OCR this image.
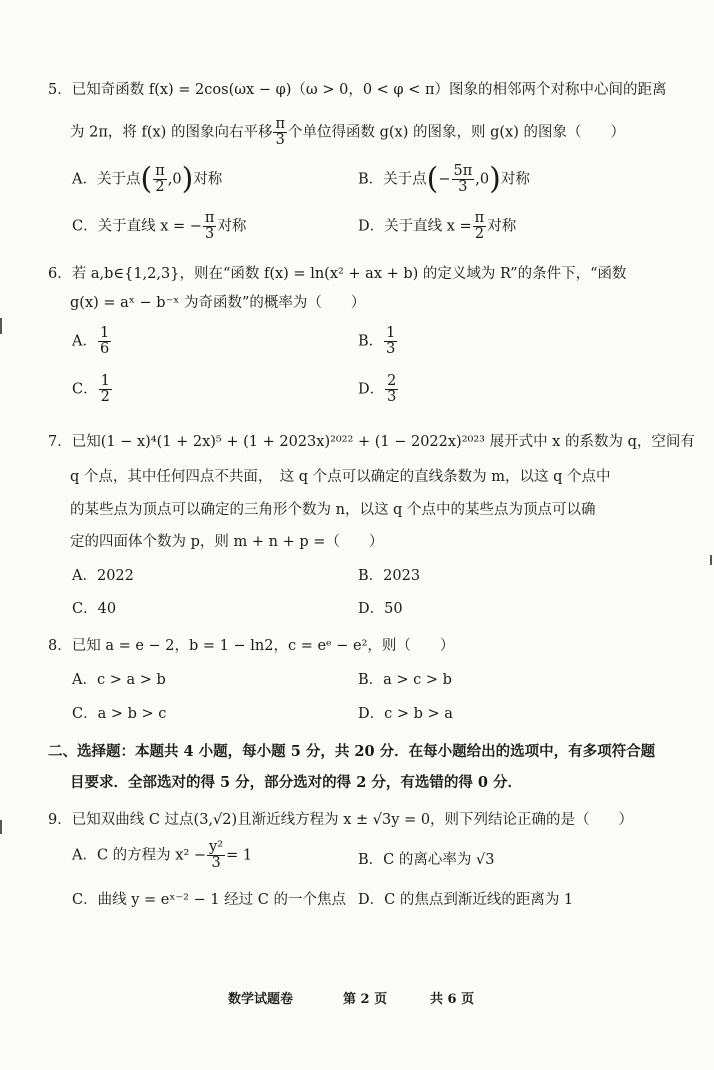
5．已知奇函数 f(x) = 2cos(ωx − φ)（ω > 0，0 < φ < π）图象的相邻两个对称中心间的距离
为 2π，将 f(x) 的图象向右平移 $\frac{\pi}{3}$ 个单位得函数 g(x) 的图象，则 g(x) 的图象（　　）
A．关于点( $\frac{\pi}{2} ,0$)对称	B．关于点(− $\frac{5\pi}{3} ,0$)对称
C．关于直线 x = − $\frac{\pi}{3}$ 对称	D．关于直线 $x = \frac{\pi}{2}$ 对称
6．若 a,b∈{1,2,3}，则在“函数 f(x) = ln(x² + ax + b) 的定义域为 R”的条件下，“函数
g(x) = aˣ − b⁻ˣ 为奇函数”的概率为（　　）
A． $\frac{1}{6}$	B． $\frac{1}{3}$
C． $\frac{1}{2}$	D． $\frac{2}{3}$
7．已知(1 − x)⁴(1 + 2x)⁵ + (1 + 2023x)²⁰²² + (1 − 2022x)²⁰²³ 展开式中 x 的系数为 q，空间有
q 个点，其中任何四点不共面，　这 q 个点可以确定的直线条数为 m，以这 q 个点中
的某些点为顶点可以确定的三角形个数为 n，以这 q 个点中的某些点为顶点可以确
定的四面体个数为 p，则 m + n + p =（　　）
A．2022	B．2023
C．40	D．50
8．已知 a = e − 2，b = 1 − ln2，c = eᵉ − e²，则（　　）
A．c > a > b	B．a > c > b
C．a > b > c	D．c > b > a
二、选择题：本题共 4 小题，每小题 5 分，共 20 分．在每小题给出的选项中，有多项符合题
目要求．全部选对的得 5 分，部分选对的得 2 分，有选错的得 0 分．
9．已知双曲线 C 过点(3,√2)且渐近线方程为 x ± √3y = 0，则下列结论正确的是（　　）
A．C 的方程为 $x^2 - \frac{\text{y²}}{3} = 1$	B．C 的离心率为 √3
C．曲线 y = eˣ⁻² − 1 经过 C 的一个焦点 D．C 的焦点到渐近线的距离为 1
数学试题卷	第 2 页	共 6 页
